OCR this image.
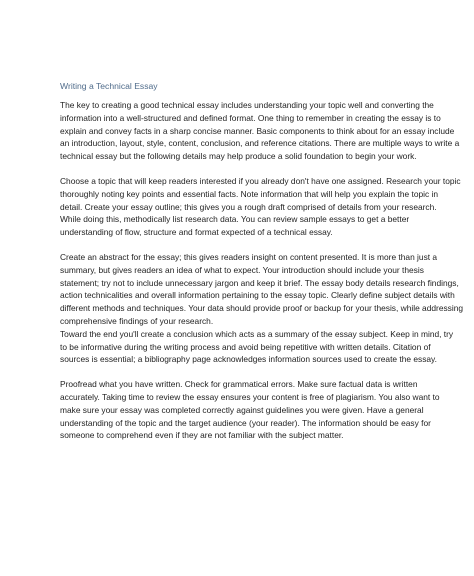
Writing a Technical Essay
The key to creating a good technical essay includes understanding your topic well and converting the
information into a well-structured and defined format. One thing to remember in creating the essay is to
explain and convey facts in a sharp concise manner. Basic components to think about for an essay include
an introduction, layout, style, content, conclusion, and reference citations. There are multiple ways to write a
technical essay but the following details may help produce a solid foundation to begin your work.
Choose a topic that will keep readers interested if you already don't have one assigned. Research your topic
thoroughly noting key points and essential facts. Note information that will help you explain the topic in
detail. Create your essay outline; this gives you a rough draft comprised of details from your research.
While doing this, methodically list research data. You can review sample essays to get a better
understanding of flow, structure and format expected of a technical essay.
Create an abstract for the essay; this gives readers insight on content presented. It is more than just a
summary, but gives readers an idea of what to expect. Your introduction should include your thesis
statement; try not to include unnecessary jargon and keep it brief. The essay body details research findings,
action technicalities and overall information pertaining to the essay topic. Clearly define subject details with
different methods and techniques. Your data should provide proof or backup for your thesis, while addressing
comprehensive findings of your research.
Toward the end you'll create a conclusion which acts as a summary of the essay subject. Keep in mind, try
to be informative during the writing process and avoid being repetitive with written details. Citation of
sources is essential; a bibliography page acknowledges information sources used to create the essay.
Proofread what you have written. Check for grammatical errors. Make sure factual data is written
accurately. Taking time to review the essay ensures your content is free of plagiarism. You also want to
make sure your essay was completed correctly against guidelines you were given. Have a general
understanding of the topic and the target audience (your reader). The information should be easy for
someone to comprehend even if they are not familiar with the subject matter.
